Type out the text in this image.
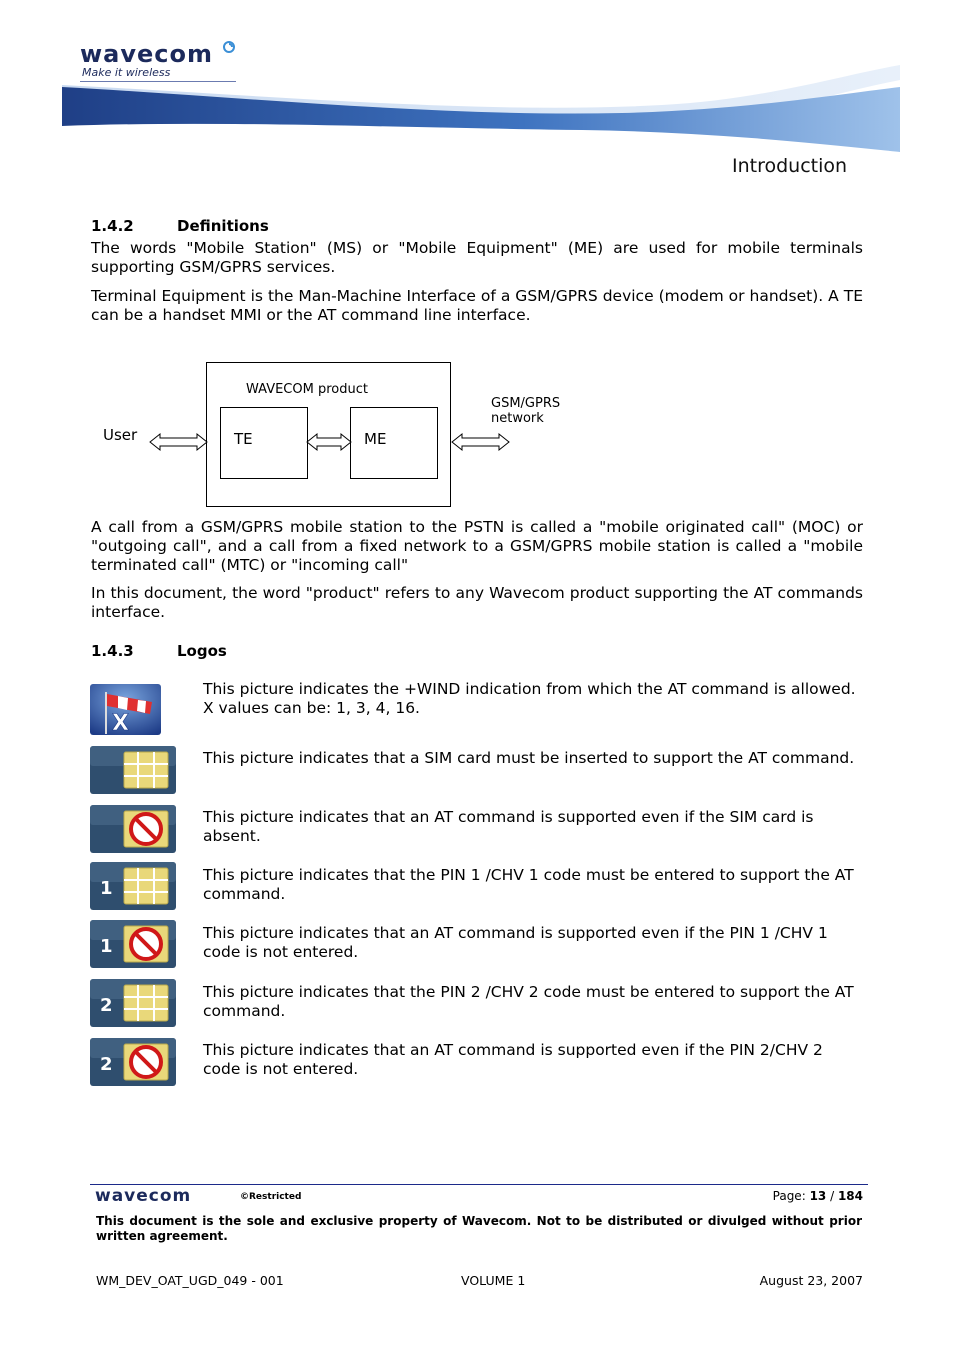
wavecom
Make it wireless
Introduction
1.4.2	Definitions
The words "Mobile Station" (MS) or "Mobile Equipment" (ME) are used for mobile terminals supporting GSM/GPRS services.
Terminal Equipment is the Man-Machine Interface of a GSM/GPRS device (modem or handset). A TE can be a handset MMI or the AT command line interface.
WAVECOM product
TE	ME
User
GSM/GPRS
network
A call from a GSM/GPRS mobile station to the PSTN is called a "mobile originated call" (MOC) or "outgoing call", and a call from a fixed network to a GSM/GPRS mobile station is called a "mobile terminated call" (MTC) or "incoming call"
In this document, the word "product" refers to any Wavecom product supporting the AT commands interface.
1.4.3	Logos
X
This picture indicates the +WIND indication from which the AT command is allowed. X values can be: 1, 3, 4, 16.
This picture indicates that a SIM card must be inserted to support the AT command.
This picture indicates that an AT command is supported even if the SIM card is absent.
1
This picture indicates that the PIN 1 /CHV 1 code must be entered to support the AT command.
1
This picture indicates that an AT command is supported even if the PIN 1 /CHV 1 code is not entered.
2
This picture indicates that the PIN 2 /CHV 2 code must be entered to support the AT command.
2
This picture indicates that an AT command is supported even if the PIN 2/CHV 2 code is not entered.
wavecom	©Restricted	Page: 13 / 184
This document is the sole and exclusive property of Wavecom. Not to be distributed or divulged without prior written agreement.
WM_DEV_OAT_UGD_049 - 001	VOLUME 1	August 23, 2007
